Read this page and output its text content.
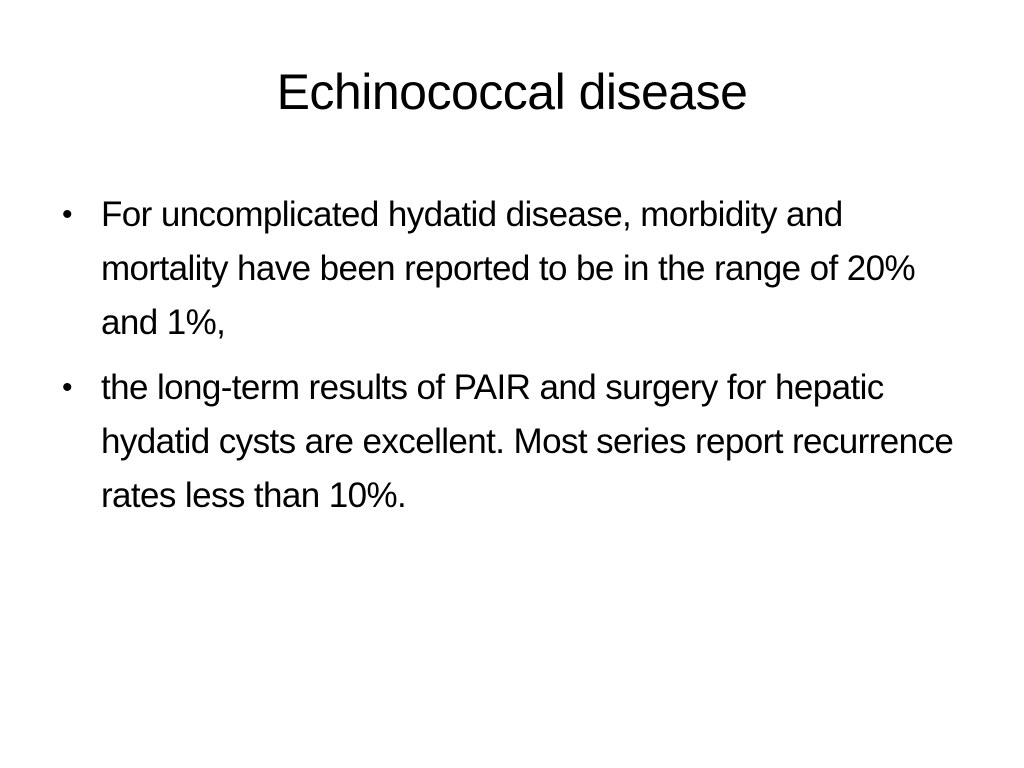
Echinococcal disease
• For uncomplicated hydatid disease, morbidity and mortality have been reported to be in the range of 20% and 1%,
• the long-term results of PAIR and surgery for hepatic hydatid cysts are excellent. Most series report recurrence rates less than 10%.
